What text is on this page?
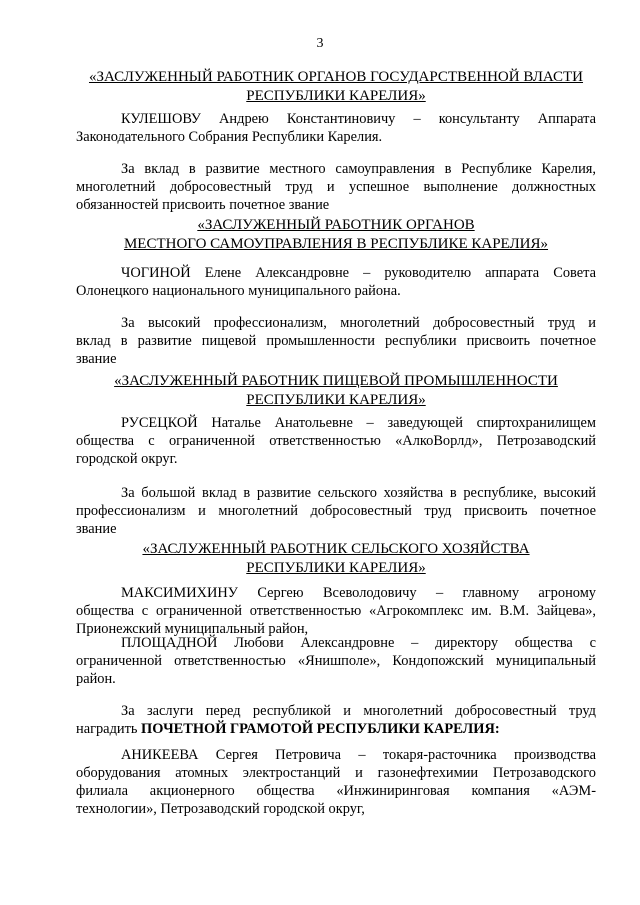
3
«ЗАСЛУЖЕННЫЙ РАБОТНИК ОРГАНОВ ГОСУДАРСТВЕННОЙ ВЛАСТИ
РЕСПУБЛИКИ КАРЕЛИЯ»
КУЛЕШОВУ Андрею Константиновичу – консультанту Аппарата
Законодательного Собрания Республики Карелия.
За вклад в развитие местного самоуправления в Республике Карелия,
многолетний добросовестный труд и успешное выполнение должностных
обязанностей присвоить почетное звание
«ЗАСЛУЖЕННЫЙ РАБОТНИК ОРГАНОВ
МЕСТНОГО САМОУПРАВЛЕНИЯ В РЕСПУБЛИКЕ КАРЕЛИЯ»
ЧОГИНОЙ Елене Александровне – руководителю аппарата Совета
Олонецкого национального муниципального района.
За высокий профессионализм, многолетний добросовестный труд и
вклад в развитие пищевой промышленности республики присвоить почетное
звание
«ЗАСЛУЖЕННЫЙ РАБОТНИК ПИЩЕВОЙ ПРОМЫШЛЕННОСТИ
РЕСПУБЛИКИ КАРЕЛИЯ»
РУСЕЦКОЙ Наталье Анатольевне – заведующей спиртохранилищем
общества с ограниченной ответственностью «АлкоВорлд», Петрозаводский
городской округ.
За большой вклад в развитие сельского хозяйства в республике, высокий
профессионализм и многолетний добросовестный труд присвоить почетное
звание
«ЗАСЛУЖЕННЫЙ РАБОТНИК СЕЛЬСКОГО ХОЗЯЙСТВА
РЕСПУБЛИКИ КАРЕЛИЯ»
МАКСИМИХИНУ Сергею Всеволодовичу – главному агроному
общества с ограниченной ответственностью «Агрокомплекс им. В.М. Зайцева»,
Прионежский муниципальный район,
ПЛОЩАДНОЙ Любови Александровне – директору общества с
ограниченной ответственностью «Янишполе», Кондопожский муниципальный
район.
За заслуги перед республикой и многолетний добросовестный труд
наградить ПОЧЕТНОЙ ГРАМОТОЙ РЕСПУБЛИКИ КАРЕЛИЯ:
АНИКЕЕВА Сергея Петровича – токаря-расточника производства
оборудования атомных электростанций и газонефтехимии Петрозаводского
филиала акционерного общества «Инжиниринговая компания «АЭМ-
технологии», Петрозаводский городской округ,
